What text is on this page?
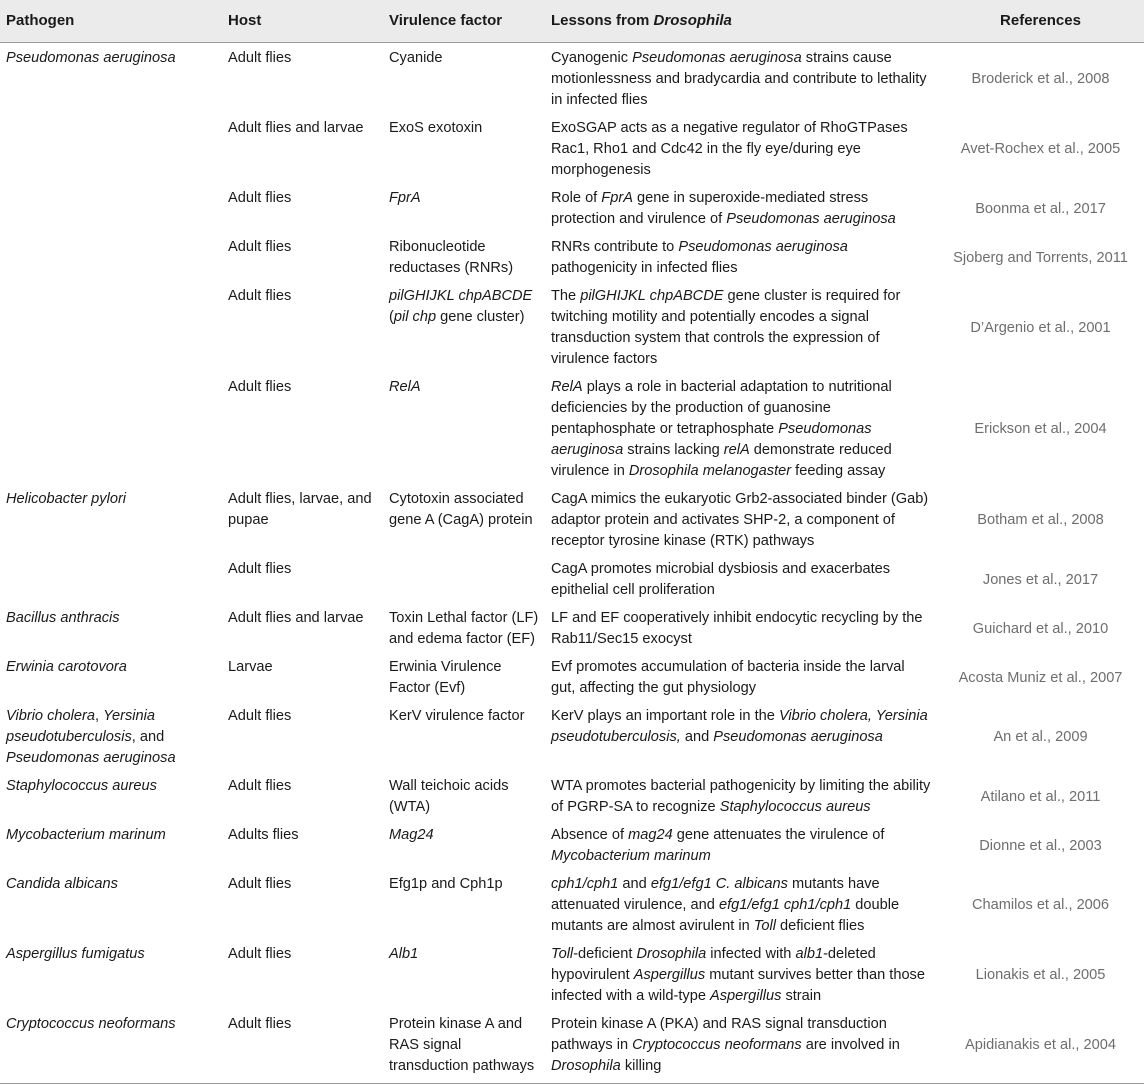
Pathogen	Host	Virulence factor	Lessons from Drosophila	References
Pseudomonas aeruginosa	Adult flies	Cyanide	Cyanogenic Pseudomonas aeruginosa strains cause motionlessness and bradycardia and contribute to lethality in infected flies	Broderick et al., 2008
	Adult flies and larvae	ExoS exotoxin	ExoSGAP acts as a negative regulator of RhoGTPases Rac1, Rho1 and Cdc42 in the fly eye/during eye morphogenesis	Avet-Rochex et al., 2005
	Adult flies	FprA	Role of FprA gene in superoxide-mediated stress protection and virulence of Pseudomonas aeruginosa	Boonma et al., 2017
	Adult flies	Ribonucleotide reductases (RNRs)	RNRs contribute to Pseudomonas aeruginosa pathogenicity in infected flies	Sjoberg and Torrents, 2011
	Adult flies	pilGHIJKL chpABCDE (pil chp gene cluster)	The pilGHIJKL chpABCDE gene cluster is required for twitching motility and potentially encodes a signal transduction system that controls the expression of virulence factors	D’Argenio et al., 2001
	Adult flies	RelA	RelA plays a role in bacterial adaptation to nutritional deficiencies by the production of guanosine pentaphosphate or tetraphosphate Pseudomonas aeruginosa strains lacking relA demonstrate reduced virulence in Drosophila melanogaster feeding assay	Erickson et al., 2004
Helicobacter pylori	Adult flies, larvae, and pupae	Cytotoxin associated gene A (CagA) protein	CagA mimics the eukaryotic Grb2-associated binder (Gab) adaptor protein and activates SHP-2, a component of receptor tyrosine kinase (RTK) pathways	Botham et al., 2008
	Adult flies		CagA promotes microbial dysbiosis and exacerbates epithelial cell proliferation	Jones et al., 2017
Bacillus anthracis	Adult flies and larvae	Toxin Lethal factor (LF) and edema factor (EF)	LF and EF cooperatively inhibit endocytic recycling by the Rab11/Sec15 exocyst	Guichard et al., 2010
Erwinia carotovora	Larvae	Erwinia Virulence Factor (Evf)	Evf promotes accumulation of bacteria inside the larval gut, affecting the gut physiology	Acosta Muniz et al., 2007
Vibrio cholera, Yersinia pseudotuberculosis, and Pseudomonas aeruginosa	Adult flies	KerV virulence factor	KerV plays an important role in the Vibrio cholera, Yersinia pseudotuberculosis, and Pseudomonas aeruginosa	An et al., 2009
Staphylococcus aureus	Adult flies	Wall teichoic acids (WTA)	WTA promotes bacterial pathogenicity by limiting the ability of PGRP-SA to recognize Staphylococcus aureus	Atilano et al., 2011
Mycobacterium marinum	Adults flies	Mag24	Absence of mag24 gene attenuates the virulence of Mycobacterium marinum	Dionne et al., 2003
Candida albicans	Adult flies	Efg1p and Cph1p	cph1/cph1 and efg1/efg1 C. albicans mutants have attenuated virulence, and efg1/efg1 cph1/cph1 double mutants are almost avirulent in Toll deficient flies	Chamilos et al., 2006
Aspergillus fumigatus	Adult flies	Alb1	Toll-deficient Drosophila infected with alb1-deleted hypovirulent Aspergillus mutant survives better than those infected with a wild-type Aspergillus strain	Lionakis et al., 2005
Cryptococcus neoformans	Adult flies	Protein kinase A and RAS signal transduction pathways	Protein kinase A (PKA) and RAS signal transduction pathways in Cryptococcus neoformans are involved in Drosophila killing	Apidianakis et al., 2004
